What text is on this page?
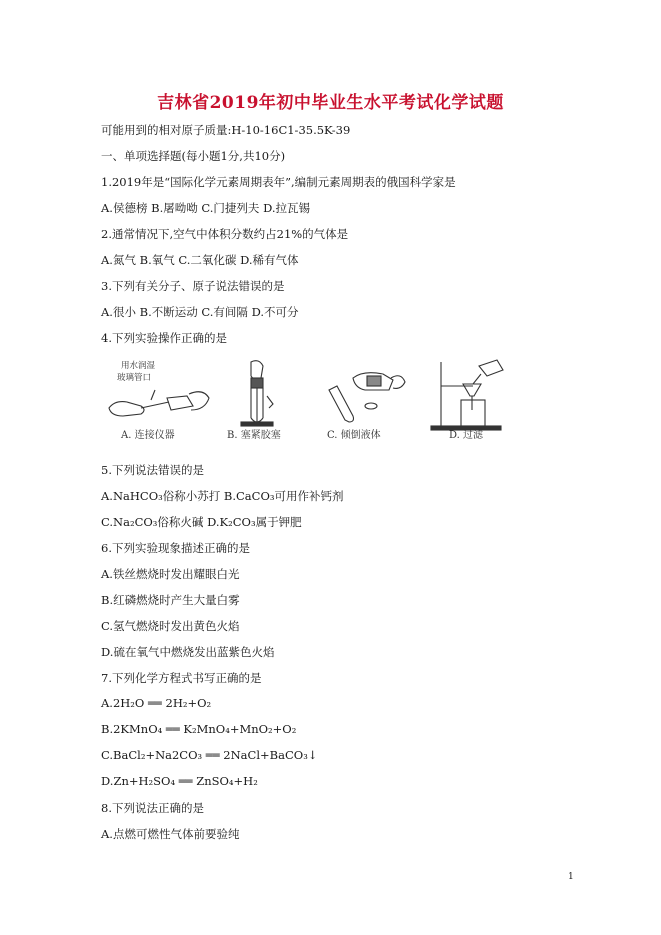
吉林省2019年初中毕业生水平考试化学试题
可能用到的相对原子质量:H-10-16C1-35.5K-39
一、单项选择题(每小题1分,共10分)
1.2019年是“国际化学元素周期表年”,编制元素周期表的俄国科学家是
A.侯德榜 B.屠呦呦 C.门捷列夫 D.拉瓦锡
2.通常情况下,空气中体积分数约占21%的气体是
A.氮气 B.氧气 C.二氧化碳 D.稀有气体
3.下列有关分子、原子说法错误的是
A.很小 B.不断运动 C.有间隔 D.不可分
4.下列实验操作正确的是
用水润湿
玻璃管口
A. 连接仪器	B. 塞紧胶塞	C. 倾倒液体	D. 过滤
5.下列说法错误的是
A.NaHCO₃俗称小苏打 B.CaCO₃可用作补钙剂
C.Na₂CO₃俗称火碱 D.K₂CO₃属于钾肥
6.下列实验现象描述正确的是
A.铁丝燃烧时发出耀眼白光
B.红磷燃烧时产生大量白雾
C.氢气燃烧时发出黄色火焰
D.硫在氧气中燃烧发出蓝紫色火焰
7.下列化学方程式书写正确的是
A.2H₂O ══ 2H₂+O₂
B.2KMnO₄ ══ K₂MnO₄+MnO₂+O₂
C.BaCl₂+Na2CO₃ ══ 2NaCl+BaCO₃↓
D.Zn+H₂SO₄ ══ ZnSO₄+H₂
8.下列说法正确的是
A.点燃可燃性气体前要验纯
1
